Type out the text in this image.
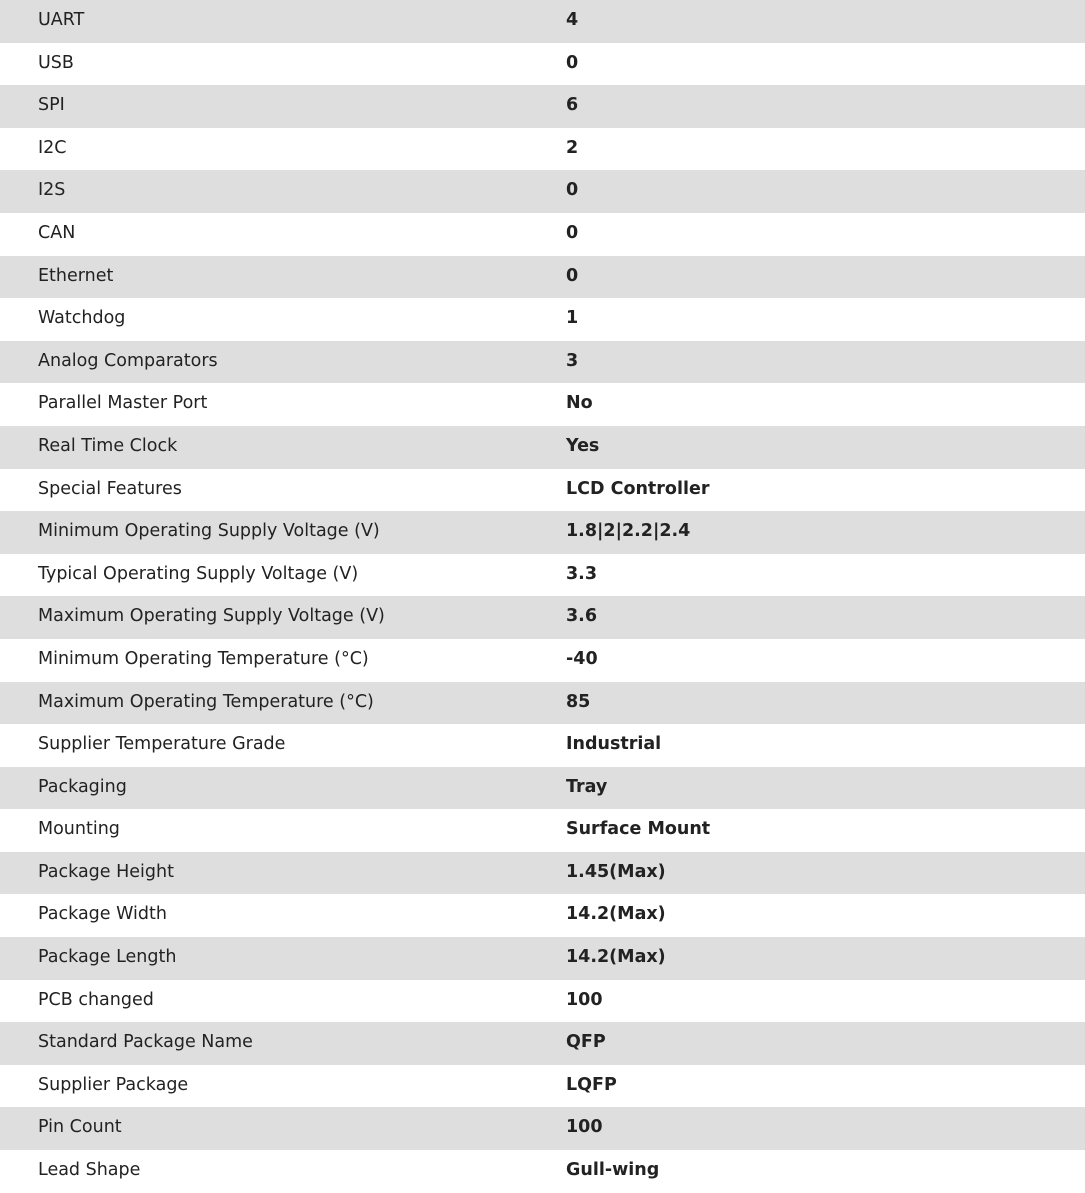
UART	4
USB	0
SPI	6
I2C	2
I2S	0
CAN	0
Ethernet	0
Watchdog	1
Analog Comparators	3
Parallel Master Port	No
Real Time Clock	Yes
Special Features	LCD Controller
Minimum Operating Supply Voltage (V)	1.8|2|2.2|2.4
Typical Operating Supply Voltage (V)	3.3
Maximum Operating Supply Voltage (V)	3.6
Minimum Operating Temperature (°C)	-40
Maximum Operating Temperature (°C)	85
Supplier Temperature Grade	Industrial
Packaging	Tray
Mounting	Surface Mount
Package Height	1.45(Max)
Package Width	14.2(Max)
Package Length	14.2(Max)
PCB changed	100
Standard Package Name	QFP
Supplier Package	LQFP
Pin Count	100
Lead Shape	Gull-wing
